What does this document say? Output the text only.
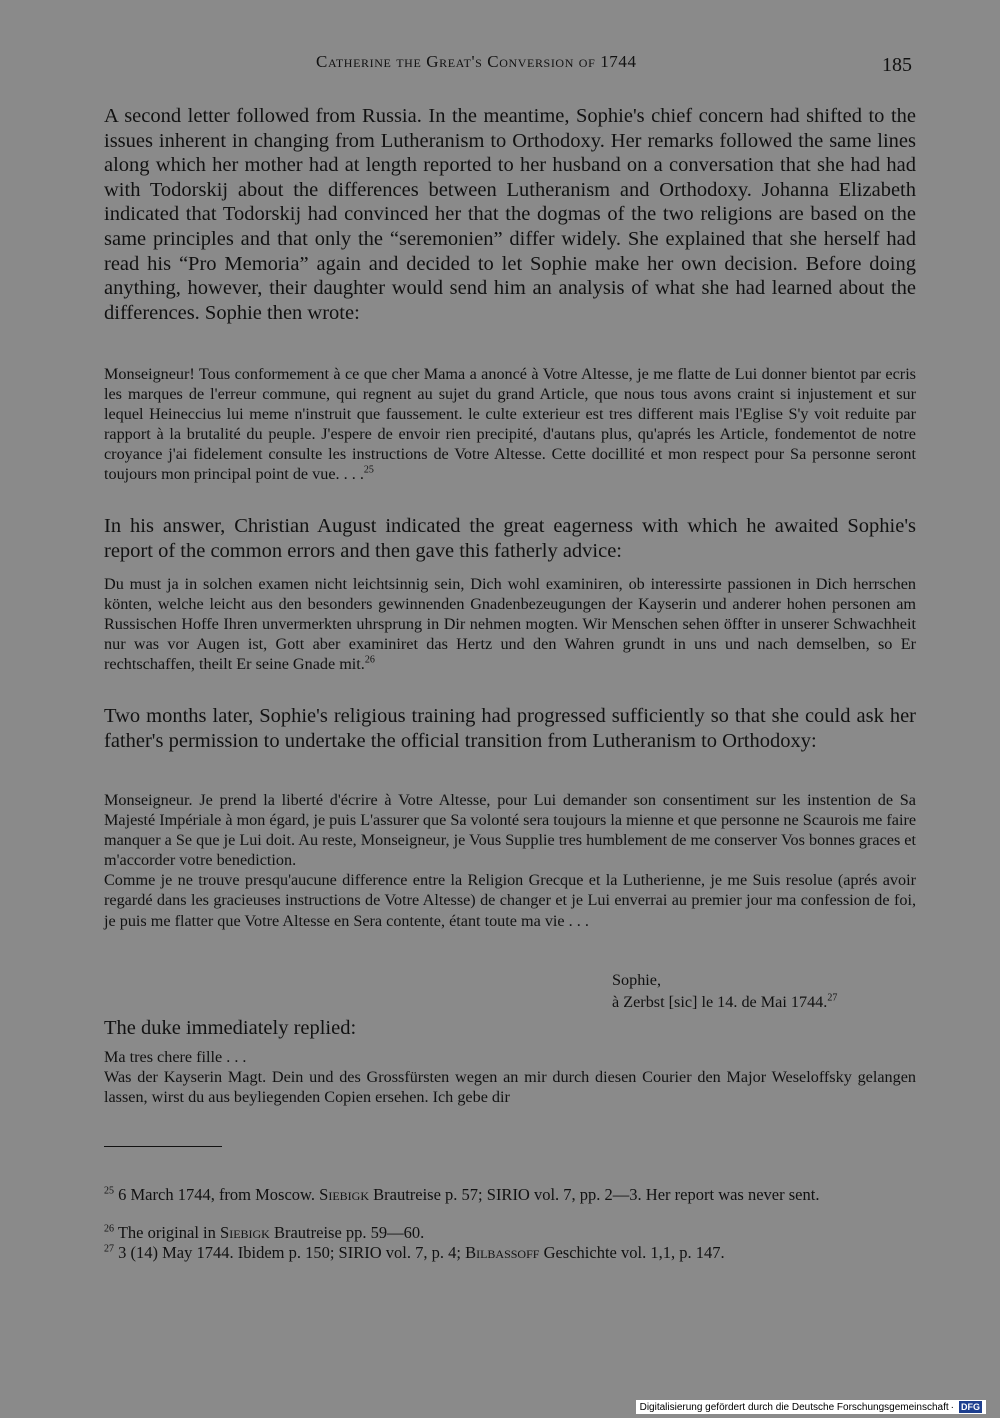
Catherine the Great's Conversion of 1744	185

A second letter followed from Russia. In the meantime, Sophie's chief concern had shifted to the issues inherent in changing from Lutheranism to Orthodoxy. Her remarks followed the same lines along which her mother had at length reported to her husband on a conversation that she had had with Todorskij about the differences between Lutheranism and Orthodoxy. Johanna Elizabeth indicated that Todorskij had convinced her that the dogmas of the two religions are based on the same principles and that only the “seremonien” differ widely. She explained that she herself had read his “Pro Memoria” again and decided to let Sophie make her own decision. Before doing anything, however, their daughter would send him an analysis of what she had learned about the differences. Sophie then wrote:

Monseigneur! Tous conformement à ce que cher Mama a anoncé à Votre Altesse, je me flatte de Lui donner bientot par ecris les marques de l'erreur commune, qui regnent au sujet du grand Article, que nous tous avons craint si injustement et sur lequel Heineccius lui meme n'instruit que faussement. le culte exterieur est tres different mais l'Eglise S'y voit reduite par rapport à la brutalité du peuple. J'espere de envoir rien precipité, d'autans plus, qu'aprés les Article, fondementot de notre croyance j'ai fidelement consulte les instructions de Votre Altesse. Cette docillité et mon respect pour Sa personne seront toujours mon principal point de vue. . . .$^{25}$

In his answer, Christian August indicated the great eagerness with which he awaited Sophie's report of the common errors and then gave this fatherly advice:

Du must ja in solchen examen nicht leichtsinnig sein, Dich wohl examiniren, ob interessirte passionen in Dich herrschen könten, welche leicht aus den besonders gewinnenden Gnadenbezeugungen der Kayserin und anderer hohen personen am Russischen Hoffe Ihren unvermerkten uhrsprung in Dir nehmen mogten. Wir Menschen sehen öffter in unserer Schwachheit nur was vor Augen ist, Gott aber examiniret das Hertz und den Wahren grundt in uns und nach demselben, so Er rechtschaffen, theilt Er seine Gnade mit.$^{26}$

Two months later, Sophie's religious training had progressed sufficiently so that she could ask her father's permission to undertake the official transition from Lutheranism to Orthodoxy:

Monseigneur. Je prend la liberté d'écrire à Votre Altesse, pour Lui demander son consentiment sur les instention de Sa Majesté Impériale à mon égard, je puis L'assurer que Sa volonté sera toujours la mienne et que personne ne Scaurois me faire manquer a Se que je Lui doit. Au reste, Monseigneur, je Vous Supplie tres humblement de me conserver Vos bonnes graces et m'accorder votre benediction.

Comme je ne trouve presqu'aucune difference entre la Religion Grecque et la Lutherienne, je me Suis resolue (aprés avoir regardé dans les gracieuses instructions de Votre Altesse) de changer et je Lui enverrai au premier jour ma confession de foi, je puis me flatter que Votre Altesse en Sera contente, étant toute ma vie . . .

Sophie,
à Zerbst [sic] le 14. de Mai 1744.27

The duke immediately replied:

Ma tres chere fille . . .

Was der Kayserin Magt. Dein und des Grossfürsten wegen an mir durch diesen Courier den Major Weseloffsky gelangen lassen, wirst du aus beyliegenden Copien ersehen. Ich gebe dir

$^{25}$ 6 March 1744, from Moscow. Siebigk Brautreise p. 57; SIRIO vol. 7, pp. 2—3. Her report was never sent.
$^{26}$ The original in Siebigk Brautreise pp. 59—60.
$^{27}$ 3 (14) May 1744. Ibidem p. 150; SIRIO vol. 7, p. 4; Bilbassoff Geschichte vol. 1,1, p. 147.
Digitalisierung gefördert durch die Deutsche Forschungsgemeinschaft · DFG
